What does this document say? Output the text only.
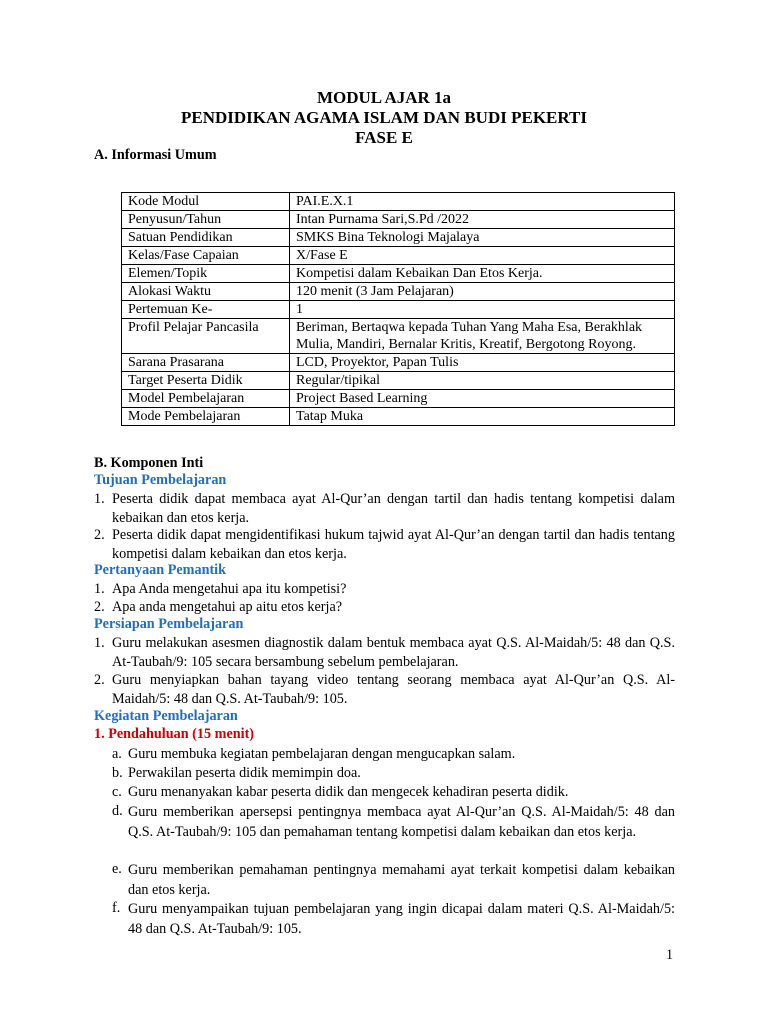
MODUL AJAR 1a
PENDIDIKAN AGAMA ISLAM DAN BUDI PEKERTI
FASE E
A. Informasi Umum
Kode Modul	PAI.E.X.1
Penyusun/Tahun	Intan Purnama Sari,S.Pd /2022
Satuan Pendidikan	SMKS Bina Teknologi Majalaya
Kelas/Fase Capaian	X/Fase E
Elemen/Topik	Kompetisi dalam Kebaikan Dan Etos Kerja.
Alokasi Waktu	120 menit (3 Jam Pelajaran)
Pertemuan Ke-	1
Profil Pelajar Pancasila	Beriman, Bertaqwa kepada Tuhan Yang Maha Esa, Berakhlak Mulia, Mandiri, Bernalar Kritis, Kreatif, Bergotong Royong.
Sarana Prasarana	LCD, Proyektor, Papan Tulis
Target Peserta Didik	Regular/tipikal
Model Pembelajaran	Project Based Learning
Mode Pembelajaran	Tatap Muka
B. Komponen Inti
Tujuan Pembelajaran
1. Peserta didik dapat membaca ayat Al-Qur’an dengan tartil dan hadis tentang kompetisi dalam kebaikan dan etos kerja.
2. Peserta didik dapat mengidentifikasi hukum tajwid ayat Al-Qur’an dengan tartil dan hadis tentang kompetisi dalam kebaikan dan etos kerja.
Pertanyaan Pemantik
1. Apa Anda mengetahui apa itu kompetisi?
2. Apa anda mengetahui ap aitu etos kerja?
Persiapan Pembelajaran
1. Guru melakukan asesmen diagnostik dalam bentuk membaca ayat Q.S. Al-Maidah/5: 48 dan Q.S. At-Taubah/9: 105 secara bersambung sebelum pembelajaran.
2. Guru menyiapkan bahan tayang video tentang seorang membaca ayat Al-Qur’an Q.S. Al-Maidah/5: 48 dan Q.S. At-Taubah/9: 105.
Kegiatan Pembelajaran
1. Pendahuluan (15 menit)
a. Guru membuka kegiatan pembelajaran dengan mengucapkan salam.
b. Perwakilan peserta didik memimpin doa.
c. Guru menanyakan kabar peserta didik dan mengecek kehadiran peserta didik.
d. Guru memberikan apersepsi pentingnya membaca ayat Al-Qur’an Q.S. Al-Maidah/5: 48 dan Q.S. At-Taubah/9: 105 dan pemahaman tentang kompetisi dalam kebaikan dan etos kerja.
e. Guru memberikan pemahaman pentingnya memahami ayat terkait kompetisi dalam kebaikan dan etos kerja.
f. Guru menyampaikan tujuan pembelajaran yang ingin dicapai dalam materi Q.S. Al-Maidah/5: 48 dan Q.S. At-Taubah/9: 105.
1
